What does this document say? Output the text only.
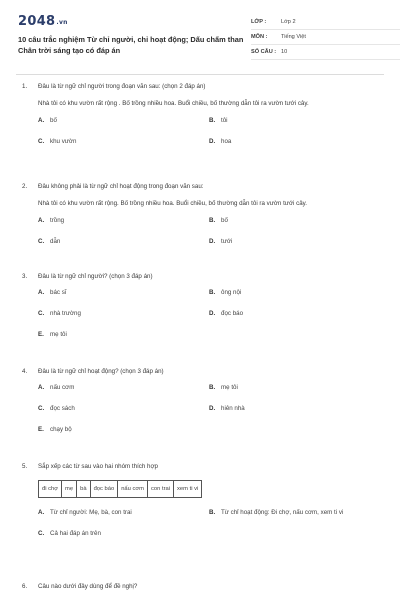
2048.vn
10 câu trắc nghiệm Từ chỉ người, chỉ hoạt động; Dấu chấm than Chân trời sáng tạo có đáp án
LỚP :	Lớp 2
MÔN :	Tiếng Việt
SỐ CÂU : 10
1.	Đâu là từ ngữ chỉ người trong đoạn văn sau: (chọn 2 đáp án)
Nhà tôi có khu vườn rất rộng . Bố trồng nhiều hoa. Buổi chiều, bố thường dẫn tôi ra vườn tưới cây.
A. bố	B. tôi
C. khu vườn	D. hoa
2.	Đâu không phải là từ ngữ chỉ hoạt động trong đoạn văn sau:
Nhà tôi có khu vườn rất rộng. Bố trồng nhiều hoa. Buổi chiều, bố thường dẫn tôi ra vườn tưới cây.
A. trồng	B. bố
C. dẫn	D. tưới
3.	Đâu là từ ngữ chỉ người? (chọn 3 đáp án)
A. bác sĩ	B. ông nội
C. nhà trường	D. đọc báo
E. mẹ tôi
4.	Đâu là từ ngữ chỉ hoạt động? (chọn 3 đáp án)
A. nấu cơm	B. mẹ tôi
C. đọc sách	D. hiên nhà
E. chạy bộ
5.	Sắp xếp các từ sau vào hai nhóm thích hợp
đi chợ	mẹ	bà	đọc báo	nấu cơm	con trai	xem ti vi
A. Từ chỉ người: Mẹ, bà, con trai	B. Từ chỉ hoạt động: Đi chợ, nấu cơm, xem ti vi
C. Cả hai đáp án trên
6.	Câu nào dưới đây dùng để đề nghị?
